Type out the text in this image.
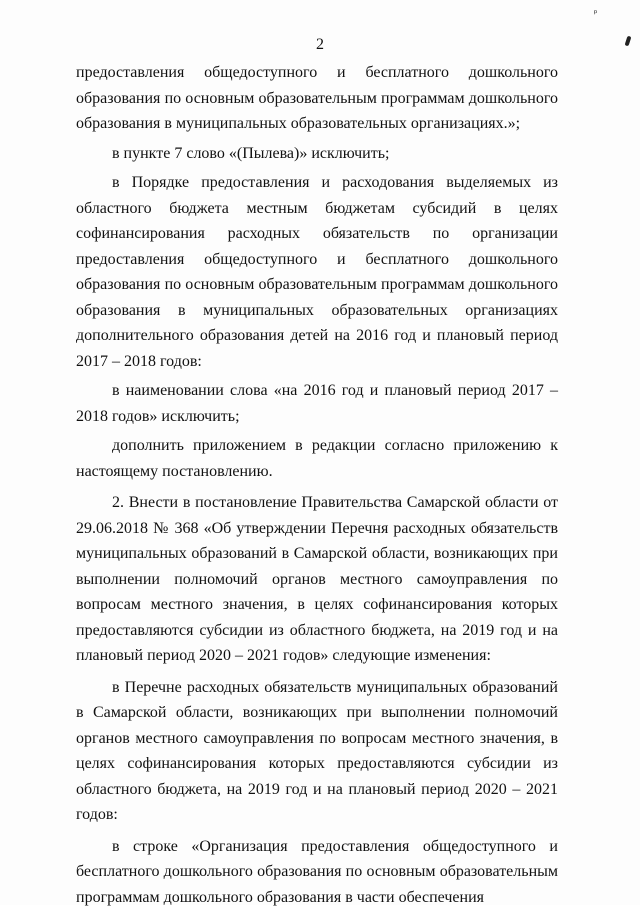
ᵖ
2

предоставления общедоступного и бесплатного дошкольного образования по основным образовательным программам дошкольного образования в муниципальных образовательных организациях.»;

в пункте 7 слово «(Пылева)» исключить;

в Порядке предоставления и расходования выделяемых из областного бюджета местным бюджетам субсидий в целях софинансирования расходных обязательств по организации предоставления общедоступного и бесплатного дошкольного образования по основным образовательным программам дошкольного образования в муниципальных образовательных организациях дополнительного образования детей на 2016 год и плановый период 2017 – 2018 годов:

в наименовании слова «на 2016 год и плановый период 2017 – 2018 годов» исключить;

дополнить приложением в редакции согласно приложению к настоящему постановлению.

2. Внести в постановление Правительства Самарской области от 29.06.2018 № 368 «Об утверждении Перечня расходных обязательств муниципальных образований в Самарской области, возникающих при выполнении полномочий органов местного самоуправления по вопросам местного значения, в целях софинансирования которых предоставляются субсидии из областного бюджета, на 2019 год и на плановый период 2020 – 2021 годов» следующие изменения:

в Перечне расходных обязательств муниципальных образований в Самарской области, возникающих при выполнении полномочий органов местного самоуправления по вопросам местного значения, в целях софинансирования которых предоставляются субсидии из областного бюджета, на 2019 год и на плановый период 2020 – 2021 годов:

в строке «Организация предоставления общедоступного и бесплатного дошкольного образования по основным образовательным программам дошкольного образования в части обеспечения
